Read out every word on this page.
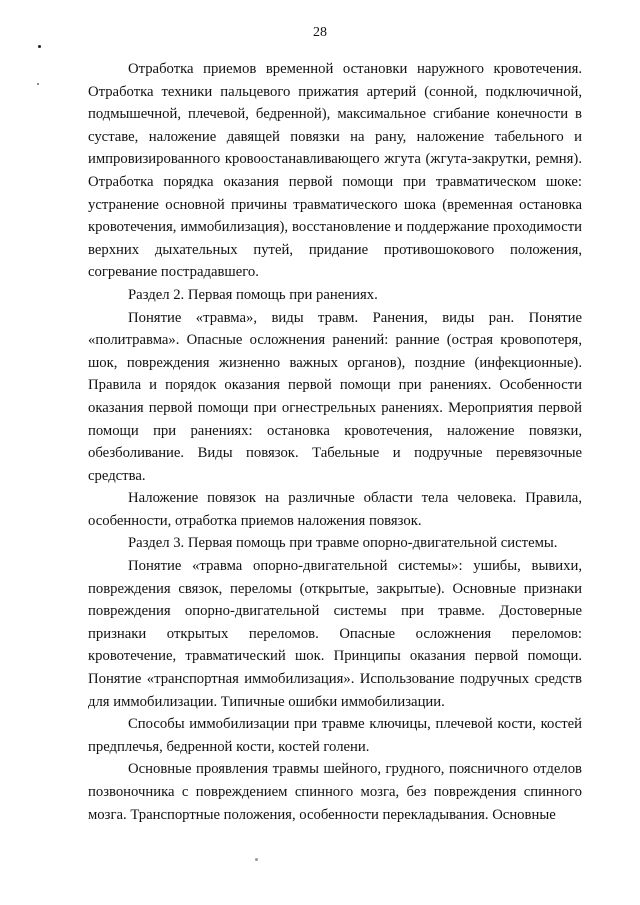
28

Отработка приемов временной остановки наружного кровотечения. Отработка техники пальцевого прижатия артерий (сонной, подключичной, подмышечной, плечевой, бедренной), максимальное сгибание конечности в суставе, наложение давящей повязки на рану, наложение табельного и импровизированного кровоостанавливающего жгута (жгута-закрутки, ремня). Отработка порядка оказания первой помощи при травматическом шоке: устранение основной причины травматического шока (временная остановка кровотечения, иммобилизация), восстановление и поддержание проходимости верхних дыхательных путей, придание противошокового положения, согревание пострадавшего.

Раздел 2. Первая помощь при ранениях.

Понятие «травма», виды травм. Ранения, виды ран. Понятие «политравма». Опасные осложнения ранений: ранние (острая кровопотеря, шок, повреждения жизненно важных органов), поздние (инфекционные). Правила и порядок оказания первой помощи при ранениях. Особенности оказания первой помощи при огнестрельных ранениях. Мероприятия первой помощи при ранениях: остановка кровотечения, наложение повязки, обезболивание. Виды повязок. Табельные и подручные перевязочные средства.

Наложение повязок на различные области тела человека. Правила, особенности, отработка приемов наложения повязок.

Раздел 3. Первая помощь при травме опорно-двигательной системы.

Понятие «травма опорно-двигательной системы»: ушибы, вывихи, повреждения связок, переломы (открытые, закрытые). Основные признаки повреждения опорно-двигательной системы при травме. Достоверные признаки открытых переломов. Опасные осложнения переломов: кровотечение, травматический шок. Принципы оказания первой помощи. Понятие «транспортная иммобилизация». Использование подручных средств для иммобилизации. Типичные ошибки иммобилизации.

Способы иммобилизации при травме ключицы, плечевой кости, костей предплечья, бедренной кости, костей голени.

Основные проявления травмы шейного, грудного, поясничного отделов позвоночника с повреждением спинного мозга, без повреждения спинного мозга. Транспортные положения, особенности перекладывания. Основные
